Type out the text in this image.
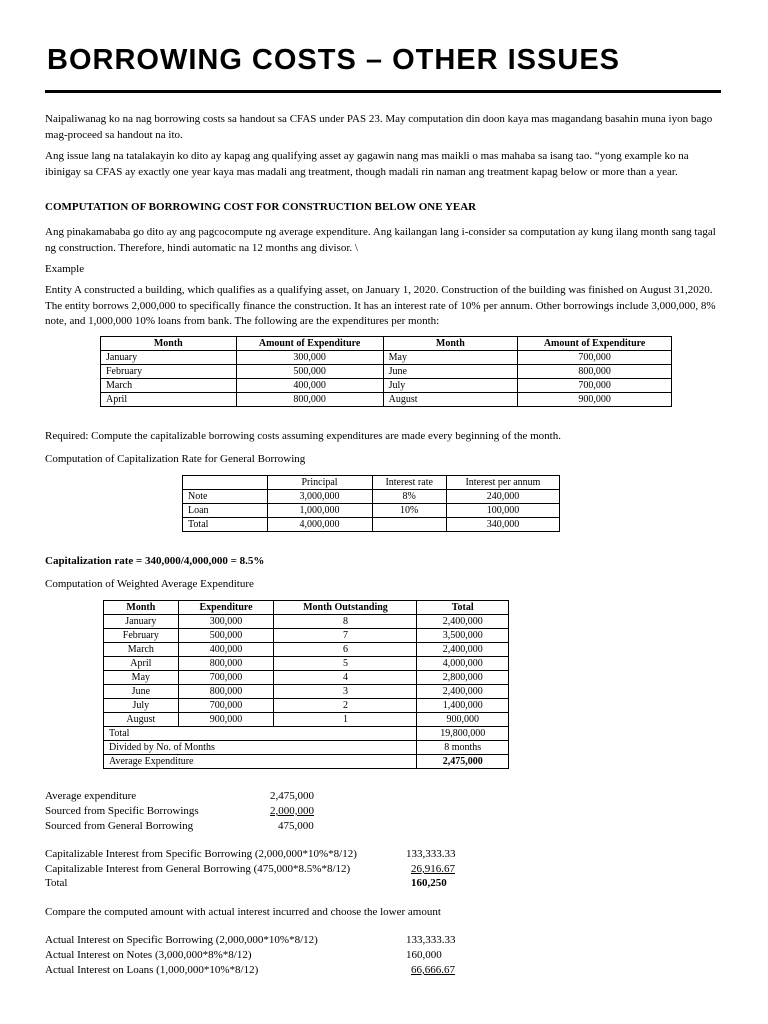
BORROWING COSTS – OTHER ISSUES
Naipaliwanag ko na nag borrowing costs sa handout sa CFAS under PAS 23. May computation din doon kaya mas magandang basahin muna iyon bago mag-proceed sa handout na ito.
Ang issue lang na tatalakayin ko dito ay kapag ang qualifying asset ay gagawin nang mas maikli o mas mahaba sa isang tao. “yong example ko na ibinigay sa CFAS ay exactly one year kaya mas madali ang treatment, though madali rin naman ang treatment kapag below or more than a year.
COMPUTATION OF BORROWING COST FOR CONSTRUCTION BELOW ONE YEAR
Ang pinakamababa go dito ay ang pagcocompute ng average expenditure. Ang kailangan lang i-consider sa computation ay kung ilang month sang tagal ng construction. Therefore, hindi automatic na 12 months ang divisor. \
Example
Entity A constructed a building, which qualifies as a qualifying asset, on January 1, 2020. Construction of the building was finished on August 31,2020. The entity borrows 2,000,000 to specifically finance the construction. It has an interest rate of 10% per annum. Other borrowings include 3,000,000, 8% note, and 1,000,000 10% loans from bank. The following are the expenditures per month:
Month	Amount of Expenditure	Month	Amount of Expenditure
January	300,000	May	700,000
February	500,000	June	800,000
March	400,000	July	700,000
April	800,000	August	900,000
Required: Compute the capitalizable borrowing costs assuming expenditures are made every beginning of the month.
Computation of Capitalization Rate for General Borrowing
	Principal	Interest rate	Interest per annum
Note	3,000,000	8%	240,000
Loan	1,000,000	10%	100,000
Total	4,000,000		340,000
Capitalization rate = 340,000/4,000,000 = 8.5%
Computation of Weighted Average Expenditure
Month	Expenditure	Month Outstanding	Total
January	300,000	8	2,400,000
February	500,000	7	3,500,000
March	400,000	6	2,400,000
April	800,000	5	4,000,000
May	700,000	4	2,800,000
June	800,000	3	2,400,000
July	700,000	2	1,400,000
August	900,000	1	900,000
Total			19,800,000
Divided by No. of Months			8 months
Average Expenditure			2,475,000
Average expenditure	2,475,000
Sourced from Specific Borrowings	2,000,000
Sourced from General Borrowing	475,000
Capitalizable Interest from Specific Borrowing (2,000,000*10%*8/12)	133,333.33
Capitalizable Interest from General Borrowing (475,000*8.5%*8/12)	26,916.67
Total	160,250
Compare the computed amount with actual interest incurred and choose the lower amount
Actual Interest on Specific Borrowing (2,000,000*10%*8/12)	133,333.33
Actual Interest on Notes (3,000,000*8%*8/12)	160,000
Actual Interest on Loans (1,000,000*10%*8/12)	66,666.67
